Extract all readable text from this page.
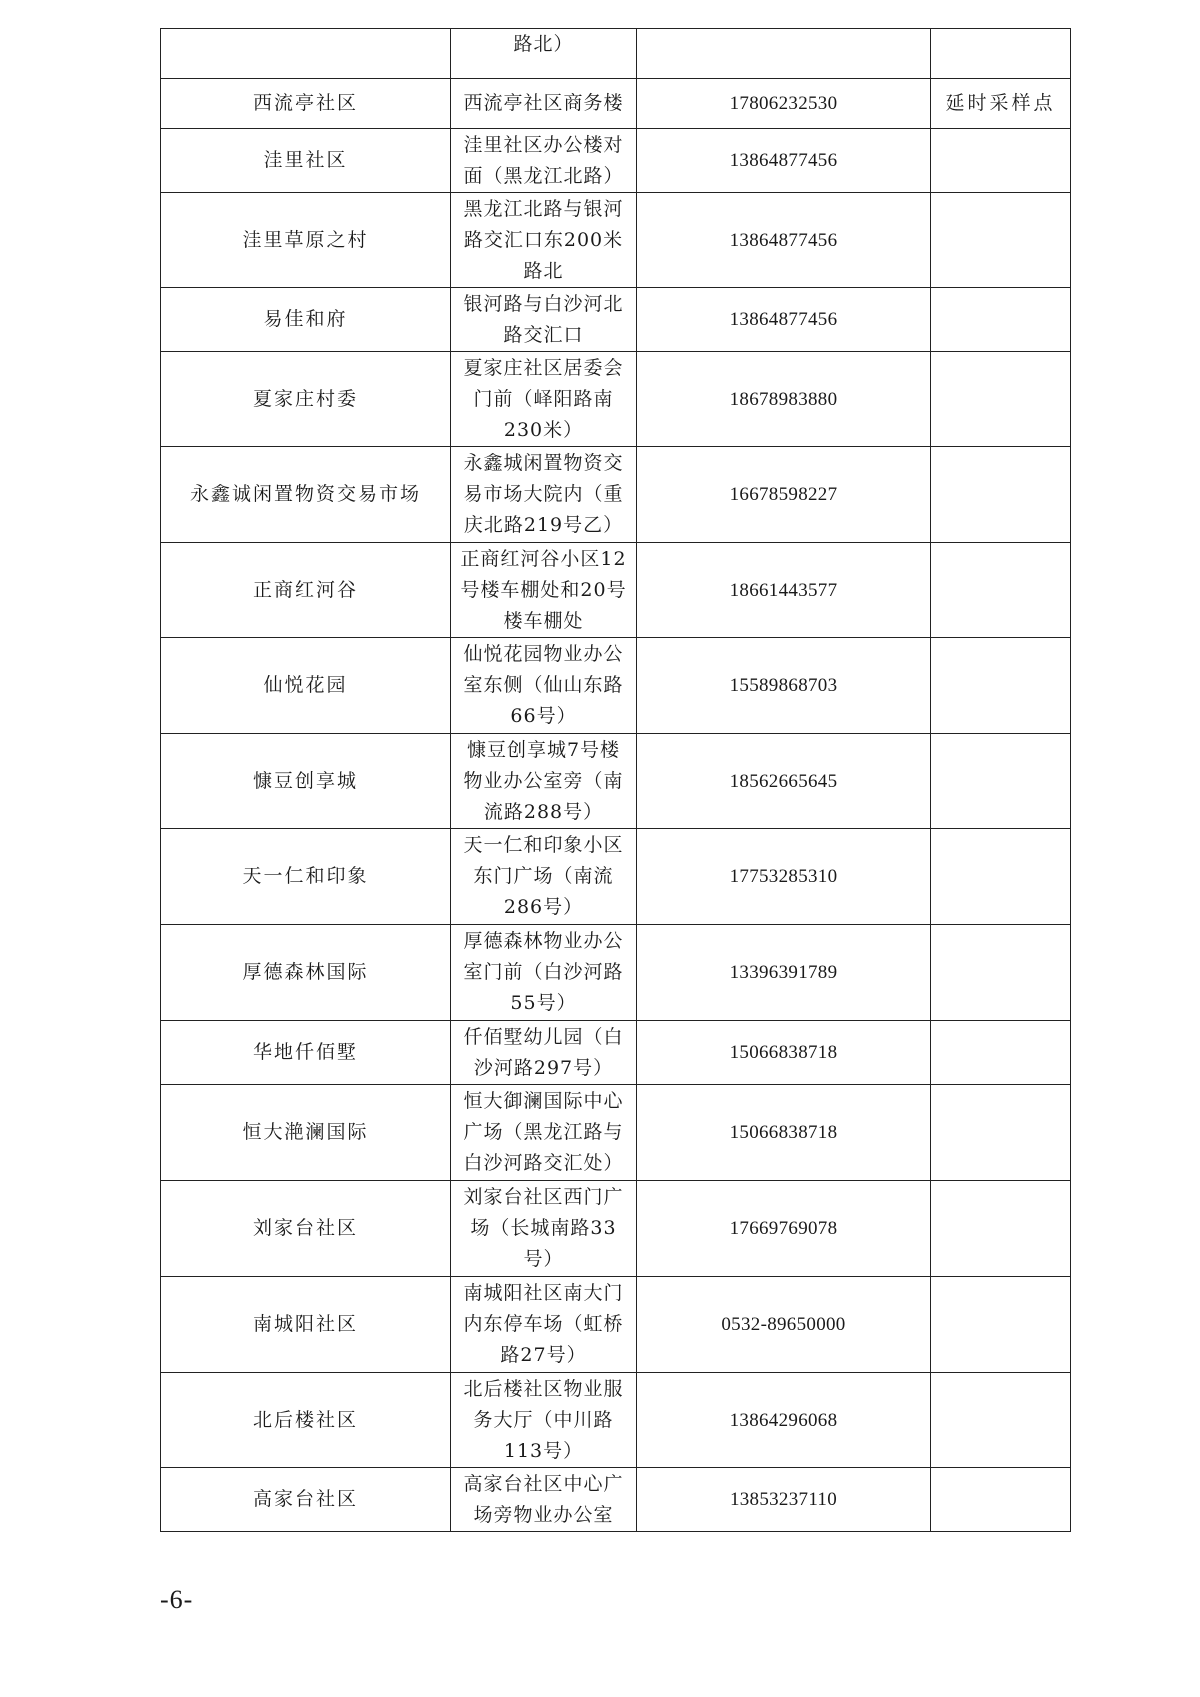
	路北）		
西流亭社区	西流亭社区商务楼	17806232530	延时采样点
洼里社区	洼里社区办公楼对面（黑龙江北路）	13864877456	
洼里草原之村	黑龙江北路与银河路交汇口东200米路北	13864877456	
易佳和府	银河路与白沙河北路交汇口	13864877456	
夏家庄村委	夏家庄社区居委会门前（峄阳路南230米）	18678983880	
永鑫诚闲置物资交易市场	永鑫城闲置物资交易市场大院内（重庆北路219号乙）	16678598227	
正商红河谷	正商红河谷小区12号楼车棚处和20号楼车棚处	18661443577	
仙悦花园	仙悦花园物业办公室东侧（仙山东路66号）	15589868703	
慷豆创享城	慷豆创享城7号楼物业办公室旁（南流路288号）	18562665645	
天一仁和印象	天一仁和印象小区东门广场（南流286号）	17753285310	
厚德森林国际	厚德森林物业办公室门前（白沙河路55号）	13396391789	
华地仟佰墅	仟佰墅幼儿园（白沙河路297号）	15066838718	
恒大滟澜国际	恒大御澜国际中心广场（黑龙江路与白沙河路交汇处）	15066838718	
刘家台社区	刘家台社区西门广场（长城南路33号）	17669769078	
南城阳社区	南城阳社区南大门内东停车场（虹桥路27号）	0532-89650000	
北后楼社区	北后楼社区物业服务大厅（中川路113号）	13864296068	
高家台社区	高家台社区中心广场旁物业办公室	13853237110	
-6-
